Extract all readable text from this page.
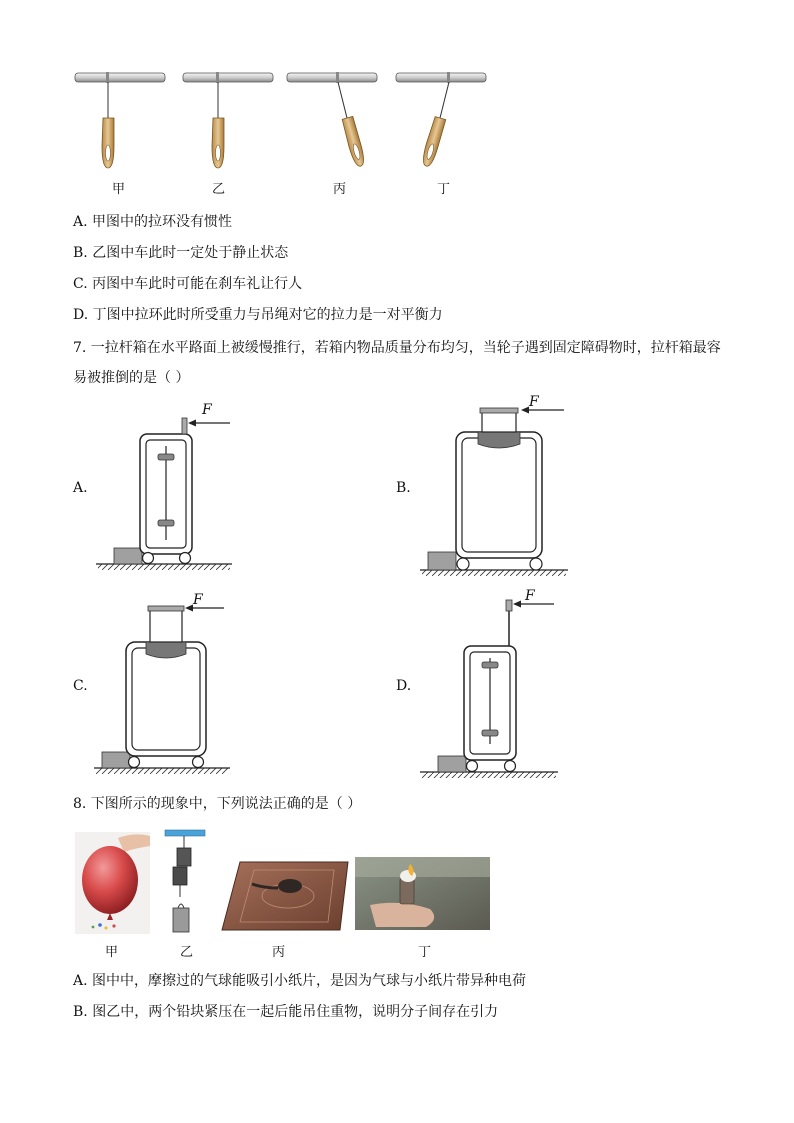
甲	乙	丙	丁
A. 甲图中的拉环没有惯性
B. 乙图中车此时一定处于静止状态
C. 丙图中车此时可能在刹车礼让行人
D. 丁图中拉环此时所受重力与吊绳对它的拉力是一对平衡力
7. 一拉杆箱在水平路面上被缓慢推行，若箱内物品质量分布均匀，当轮子遇到固定障碍物时，拉杆箱最容
易被推倒的是（ ）
F	F
F	F
A.	B.
C.	D.
8. 下图所示的现象中，下列说法正确的是（ ）
甲	乙	丙	丁
A. 图中中，摩擦过的气球能吸引小纸片，是因为气球与小纸片带异种电荷
B. 图乙中，两个铅块紧压在一起后能吊住重物，说明分子间存在引力
